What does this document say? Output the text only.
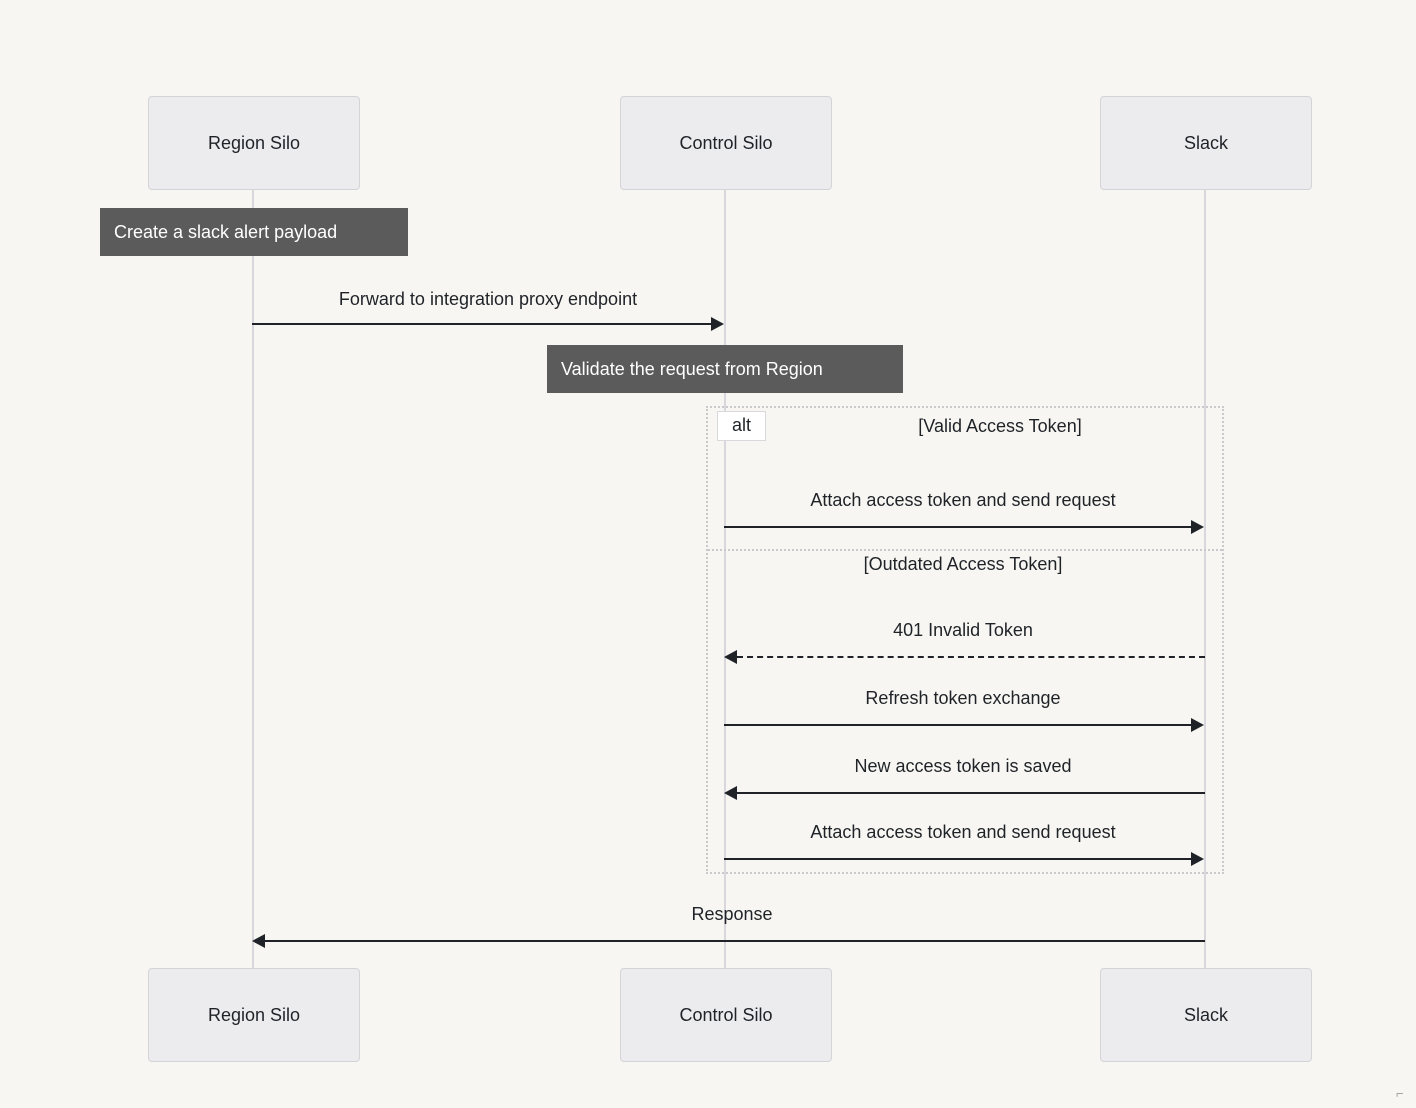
Region Silo	Control Silo	Slack
Create a slack alert payload
Forward to integration proxy endpoint
Validate the request from Region
alt	[Valid Access Token]
Attach access token and send request
[Outdated Access Token]
401 Invalid Token
Refresh token exchange
New access token is saved
Attach access token and send request
Response
Region Silo	Control Silo	Slack
⌐
